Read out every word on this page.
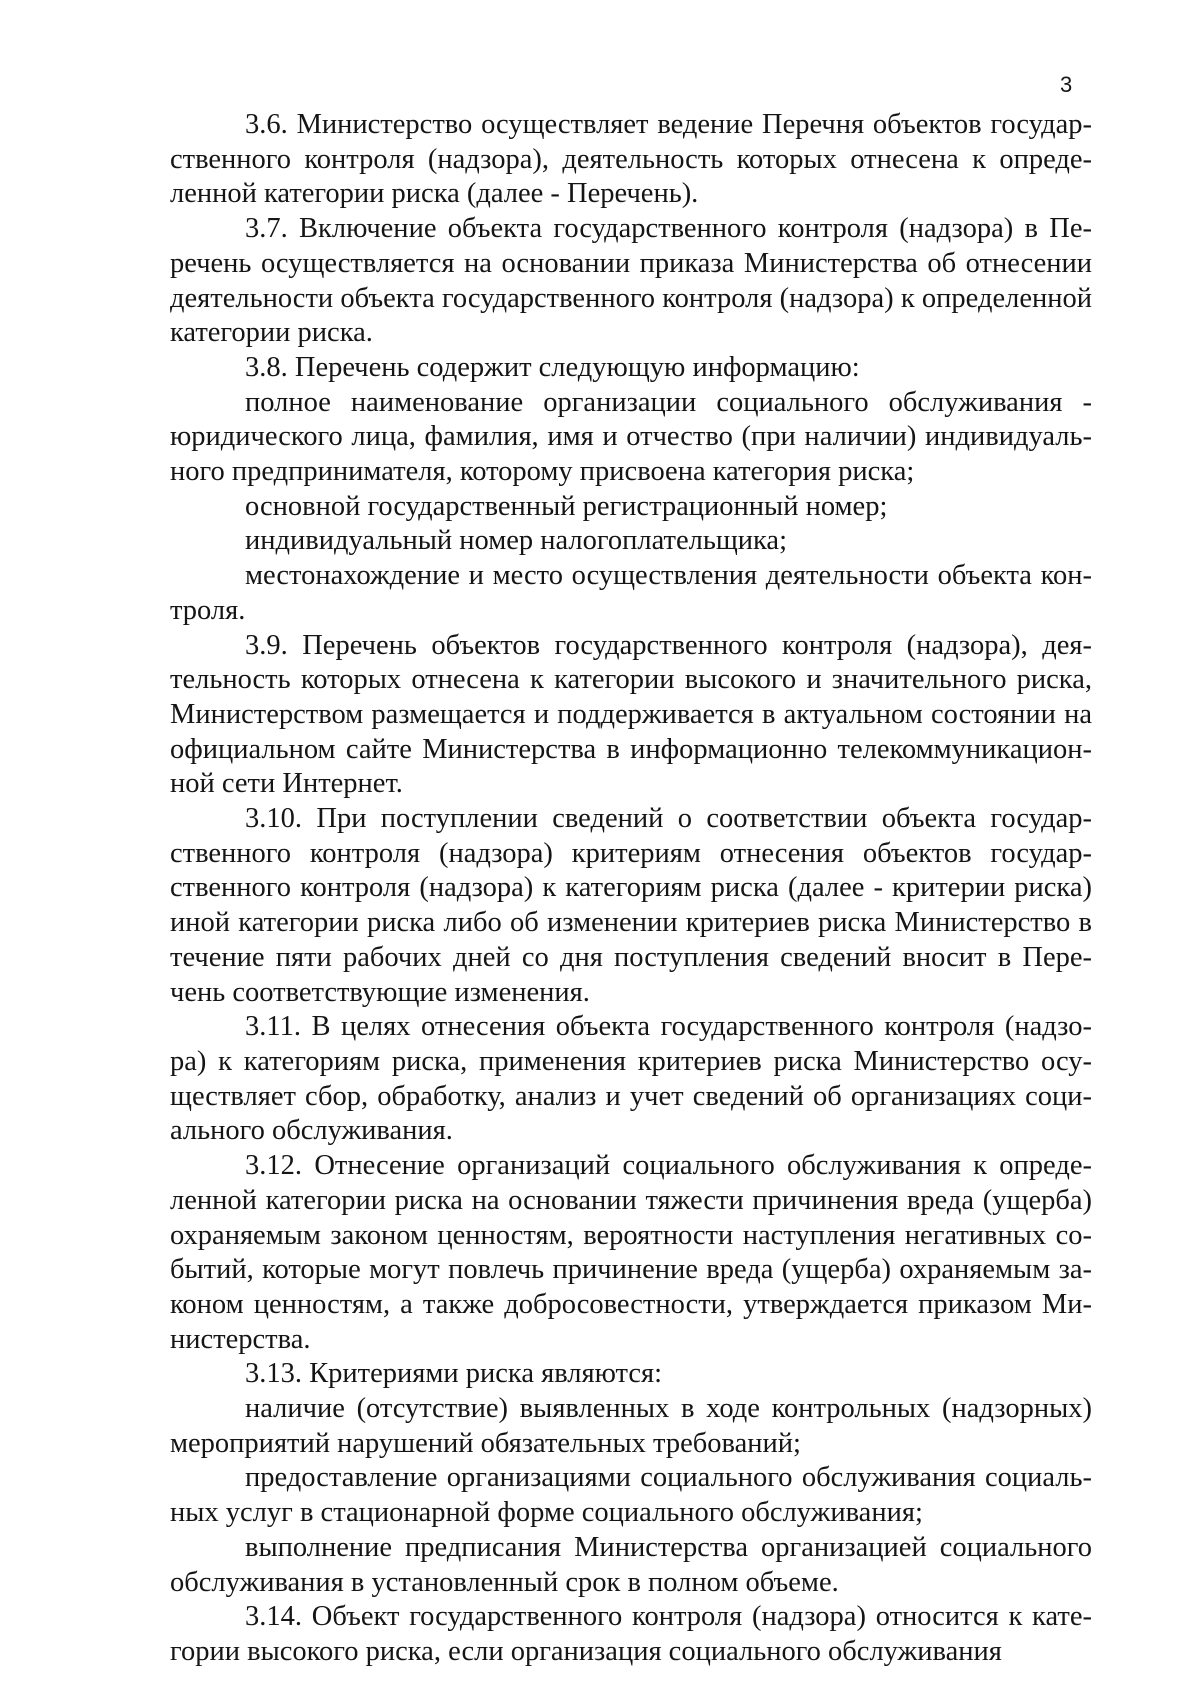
3

3.6. Министерство осуществляет ведение Перечня объектов государственного контроля (надзора), деятельность которых отнесена к определенной категории риска (далее - Перечень).

3.7. Включение объекта государственного контроля (надзора) в Перечень осуществляется на основании приказа Министерства об отнесении деятельности объекта государственного контроля (надзора) к определенной категории риска.

3.8. Перечень содержит следующую информацию:

полное наименование организации социального обслуживания - юридического лица, фамилия, имя и отчество (при наличии) индивидуального предпринимателя, которому присвоена категория риска;

основной государственный регистрационный номер;

индивидуальный номер налогоплательщика;

местонахождение и место осуществления деятельности объекта контроля.

3.9. Перечень объектов государственного контроля (надзора), деятельность которых отнесена к категории высокого и значительного риска, Министерством размещается и поддерживается в актуальном состоянии на официальном сайте Министерства в информационно телекоммуникационной сети Интернет.

3.10. При поступлении сведений о соответствии объекта государственного контроля (надзора) критериям отнесения объектов государственного контроля (надзора) к категориям риска (далее - критерии риска) иной категории риска либо об изменении критериев риска Министерство в течение пяти рабочих дней со дня поступления сведений вносит в Перечень соответствующие изменения.

3.11. В целях отнесения объекта государственного контроля (надзора) к категориям риска, применения критериев риска Министерство осуществляет сбор, обработку, анализ и учет сведений об организациях социального обслуживания.

3.12. Отнесение организаций социального обслуживания к определенной категории риска на основании тяжести причинения вреда (ущерба) охраняемым законом ценностям, вероятности наступления негативных событий, которые могут повлечь причинение вреда (ущерба) охраняемым законом ценностям, а также добросовестности, утверждается приказом Министерства.

3.13. Критериями риска являются:

наличие (отсутствие) выявленных в ходе контрольных (надзорных) мероприятий нарушений обязательных требований;

предоставление организациями социального обслуживания социальных услуг в стационарной форме социального обслуживания;

выполнение предписания Министерства организацией социального обслуживания в установленный срок в полном объеме.

3.14. Объект государственного контроля (надзора) относится к категории высокого риска, если организация социального обслуживания
